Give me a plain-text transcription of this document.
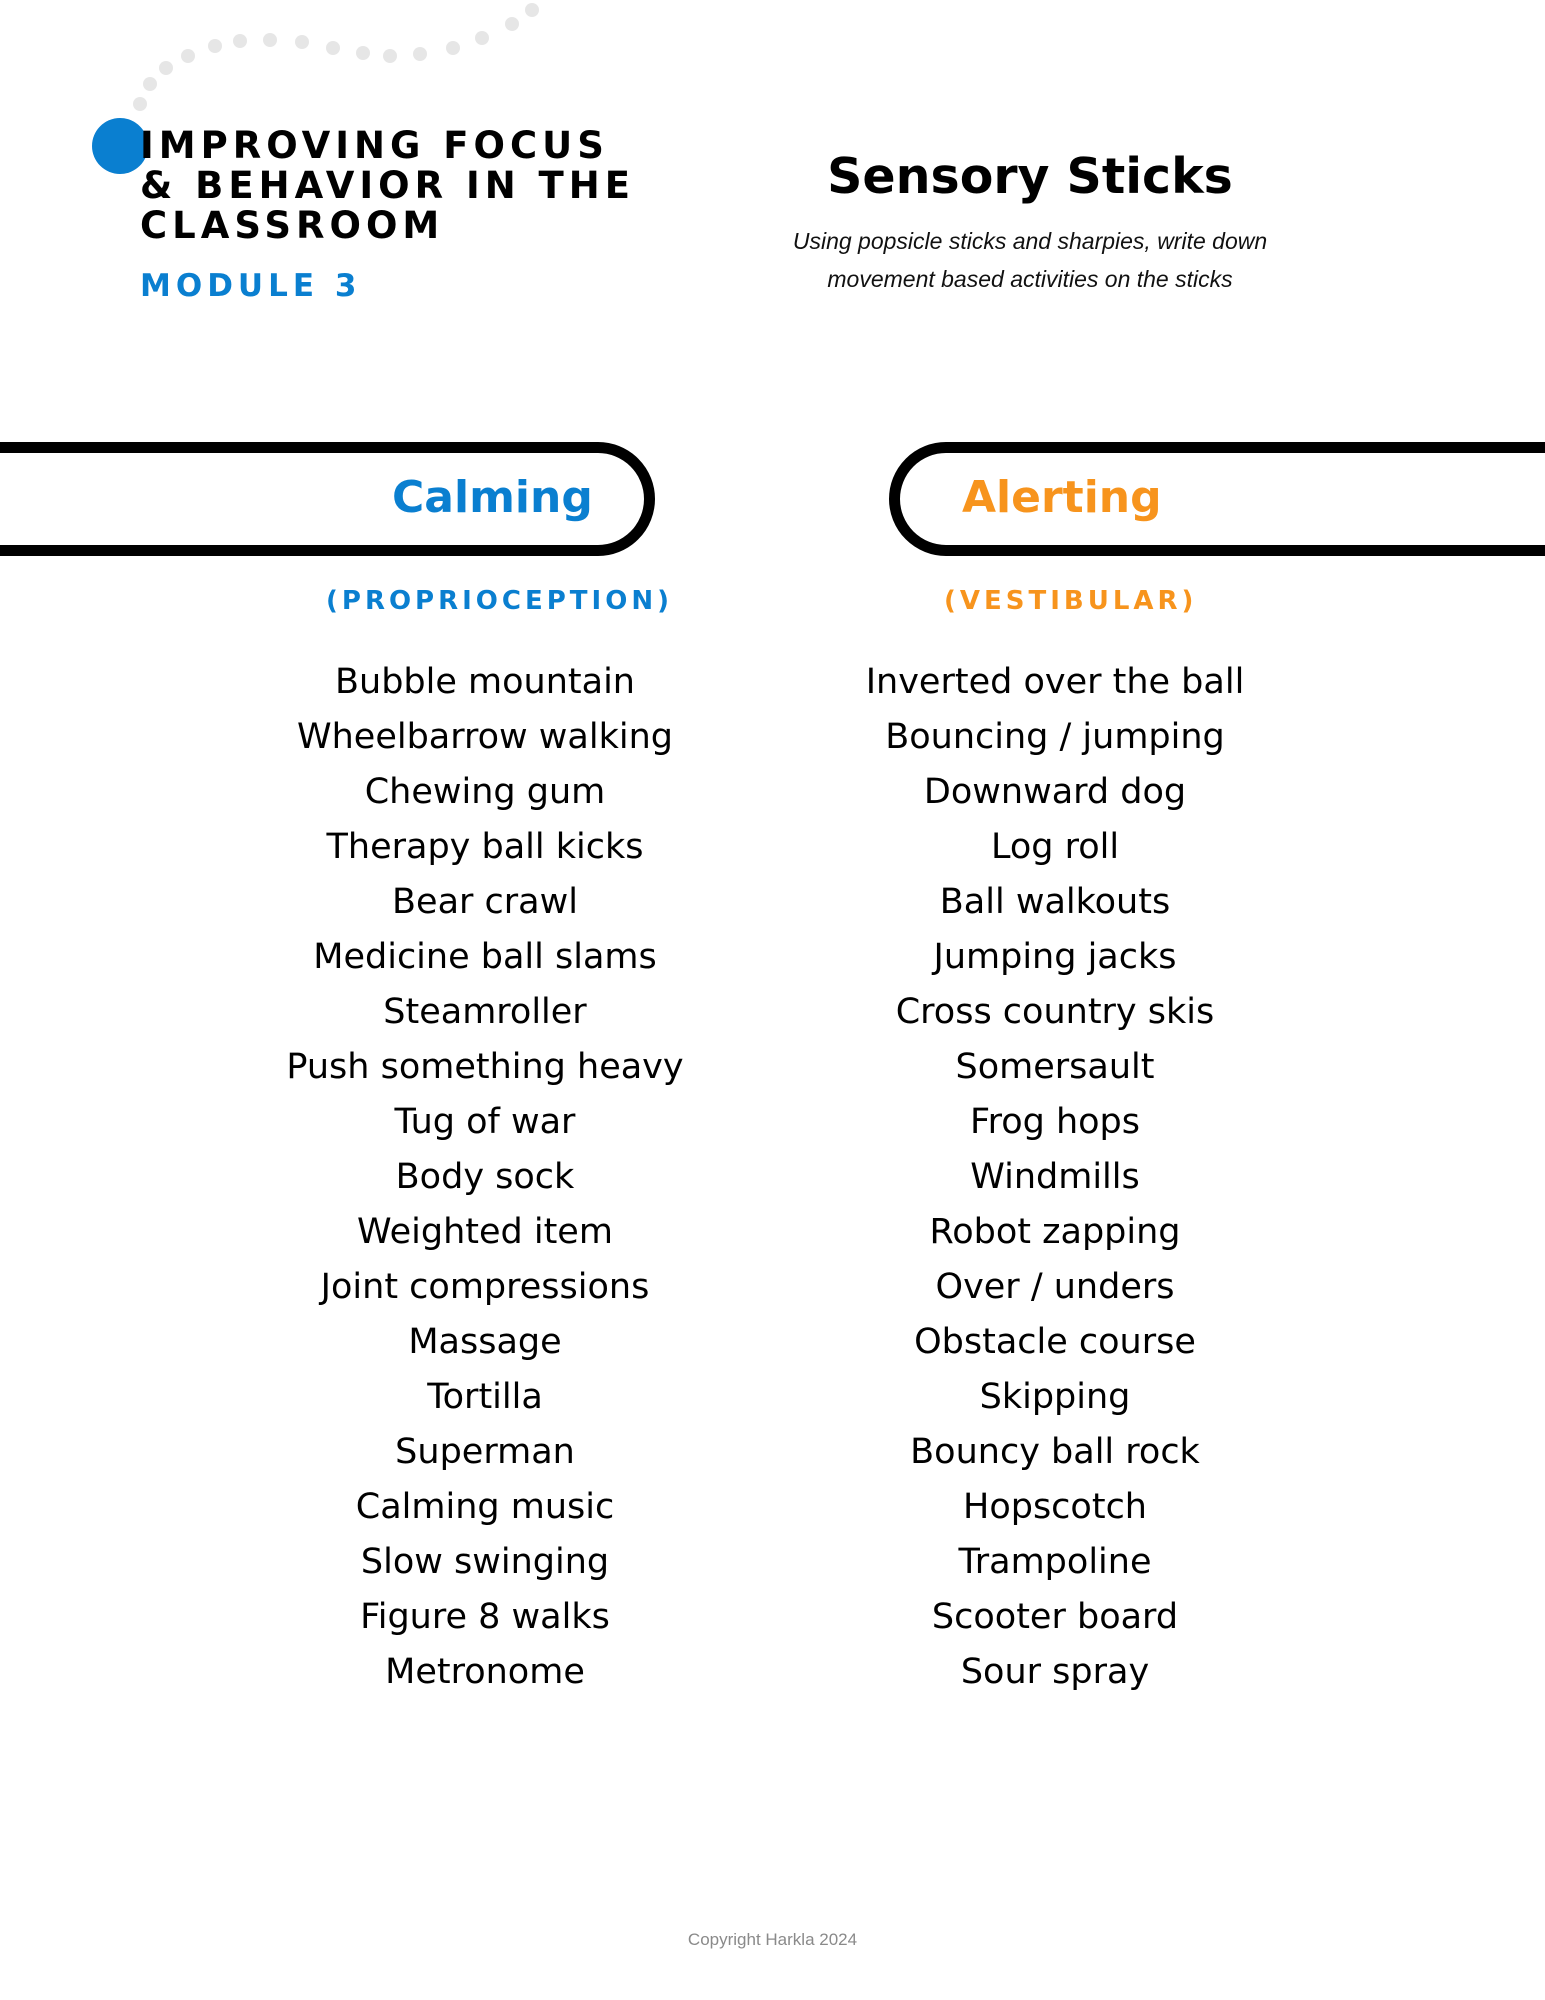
IMPROVING FOCUS
& BEHAVIOR IN THE
CLASSROOM
MODULE 3
Sensory Sticks
Using popsicle sticks and sharpies, write down
movement based activities on the sticks
Calming
(PROPRIOCEPTION)
Bubble mountain
Wheelbarrow walking
Chewing gum
Therapy ball kicks
Bear crawl
Medicine ball slams
Steamroller
Push something heavy
Tug of war
Body sock
Weighted item
Joint compressions
Massage
Tortilla
Superman
Calming music
Slow swinging
Figure 8 walks
Metronome
Alerting
(VESTIBULAR)
Inverted over the ball
Bouncing / jumping
Downward dog
Log roll
Ball walkouts
Jumping jacks
Cross country skis
Somersault
Frog hops
Windmills
Robot zapping
Over / unders
Obstacle course
Skipping
Bouncy ball rock
Hopscotch
Trampoline
Scooter board
Sour spray
Copyright Harkla 2024
